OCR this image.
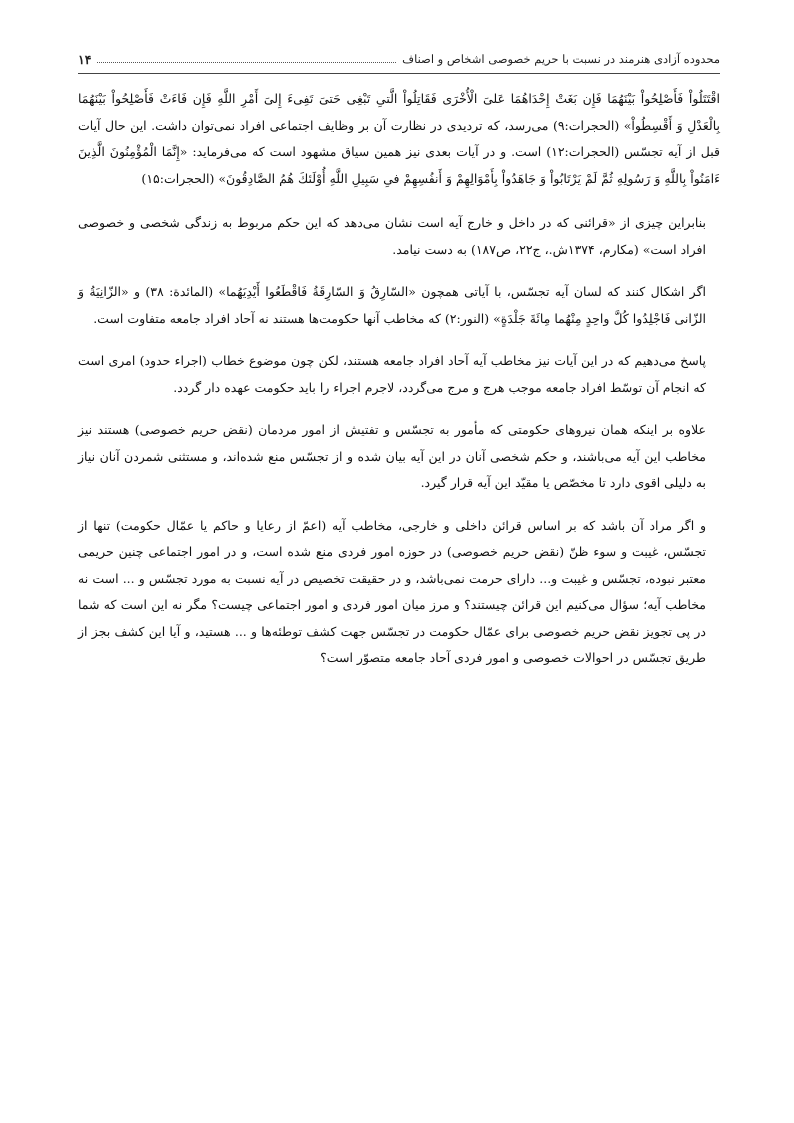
محدوده آزادی هنرمند در نسبت با حریم خصوصی اشخاص و اصناف
۱۴

اقْتَتَلُواْ فَأَصْلِحُواْ بَيْنَهُمَا فَإِن بَغَتْ إِحْدَاهُمَا عَلىَ الْأُخْرَى فَقَاتِلُواْ الَّتىِ تَبْغِى حَتىَ‏ تَفِى‏ءَ إِلىَ أَمْرِ اللَّهِ فَإِن فَاءَتْ فَأَصْلِحُواْ بَيْنَهُمَا بِالْعَدْلِ وَ أَقْسِطُواْ» (الحجرات:۹) می‌رسد، که تردیدی در نظارت آن بر وظایف اجتماعی افراد نمی‌توان داشت. این حال آیات قبل از آیه تجسّس (الحجرات:۱۲) است. و در آیات بعدی نیز همین سیاق مشهود است که می‌فرماید: «إِنَّمَا الْمُؤْمِنُونَ الَّذِينَ ءَامَنُواْ بِاللَّهِ وَ رَسُولِهِ ثُمَّ لَمْ يَرْتَابُواْ وَ جَاهَدُواْ بِأَمْوَالِهِمْ وَ أَنفُسِهِمْ فىِ سَبِيلِ اللَّهِ أُوْلَئكَ هُمُ الصَّادِقُونَ» (الحجرات:۱۵)

بنابراین چیزی از «قرائنی که در داخل و خارج آیه است نشان می‌دهد که این حکم مربوط به زندگی شخصی و خصوصی افراد است» (مکارم، ۱۳۷۴ش.، ج۲۲، ص۱۸۷) به دست نیامد.

اگر اشکال کنند که لسان آیه تجسّس، با آیاتی همچون «السّارِقُ وَ السّارِقَةُ فَاقْطَعُوا أَيْدِيَهُما» (المائدة: ۳۸) و «الزّانِيَةُ وَ الزّانی فَاجْلِدُوا كُلَّ واحِدٍ مِنْهُما مِائَةَ جَلْدَةٍ» (النور:۲) که مخاطب آنها حکومت‌ها هستند نه آحاد افراد جامعه متفاوت است.

پاسخ می‌دهیم که در این آیات نیز مخاطب آیه آحاد افراد جامعه هستند، لکن چون موضوع خطاب (اجراء حدود) امری است که انجام آن توسّط افراد جامعه موجب هرج و مرج می‌گردد، لاجرم اجراء را باید حکومت عهده دار گردد.

علاوه بر اینکه همان نیروهای حکومتی که مأمور به تجسّس و تفتیش از امور مردمان (نقض حریم خصوصی) هستند نیز مخاطب این آیه می‌باشند، و حکم شخصی آنان در این آیه بیان شده و از تجسّس منع شده‌اند، و مستثنی شمردن آنان نیاز به دلیلی اقوی دارد تا مخصّص یا مقیّد این آیه قرار گیرد.

و اگر مراد آن باشد که بر اساس قرائن داخلی و خارجی، مخاطب آیه (اعمّ از رعایا و حاکم یا عمّال حکومت) تنها از تجسّس، غیبت و سوء ظنّ (نقض حریم خصوصی) در حوزه امور فردی منع شده است، و در امور اجتماعی چنین حریمی معتبر نبوده، تجسّس و غیبت و... دارای حرمت نمی‌باشد، و در حقیقت تخصیص در آیه نسبت به مورد تجسّس و ... است نه مخاطب آیه؛ سؤال می‌کنیم این قرائن چیستند؟ و مرز میان امور فردی و امور اجتماعی چیست؟ مگر نه این است که شما در پی تجویز نقض حریم خصوصی برای عمّال حکومت در تجسّس جهت کشف توطئه‌ها و ... هستید، و آیا این کشف بجز از طریق تجسّس در احوالات خصوصی و امور فردی آحاد جامعه متصوّر است؟
